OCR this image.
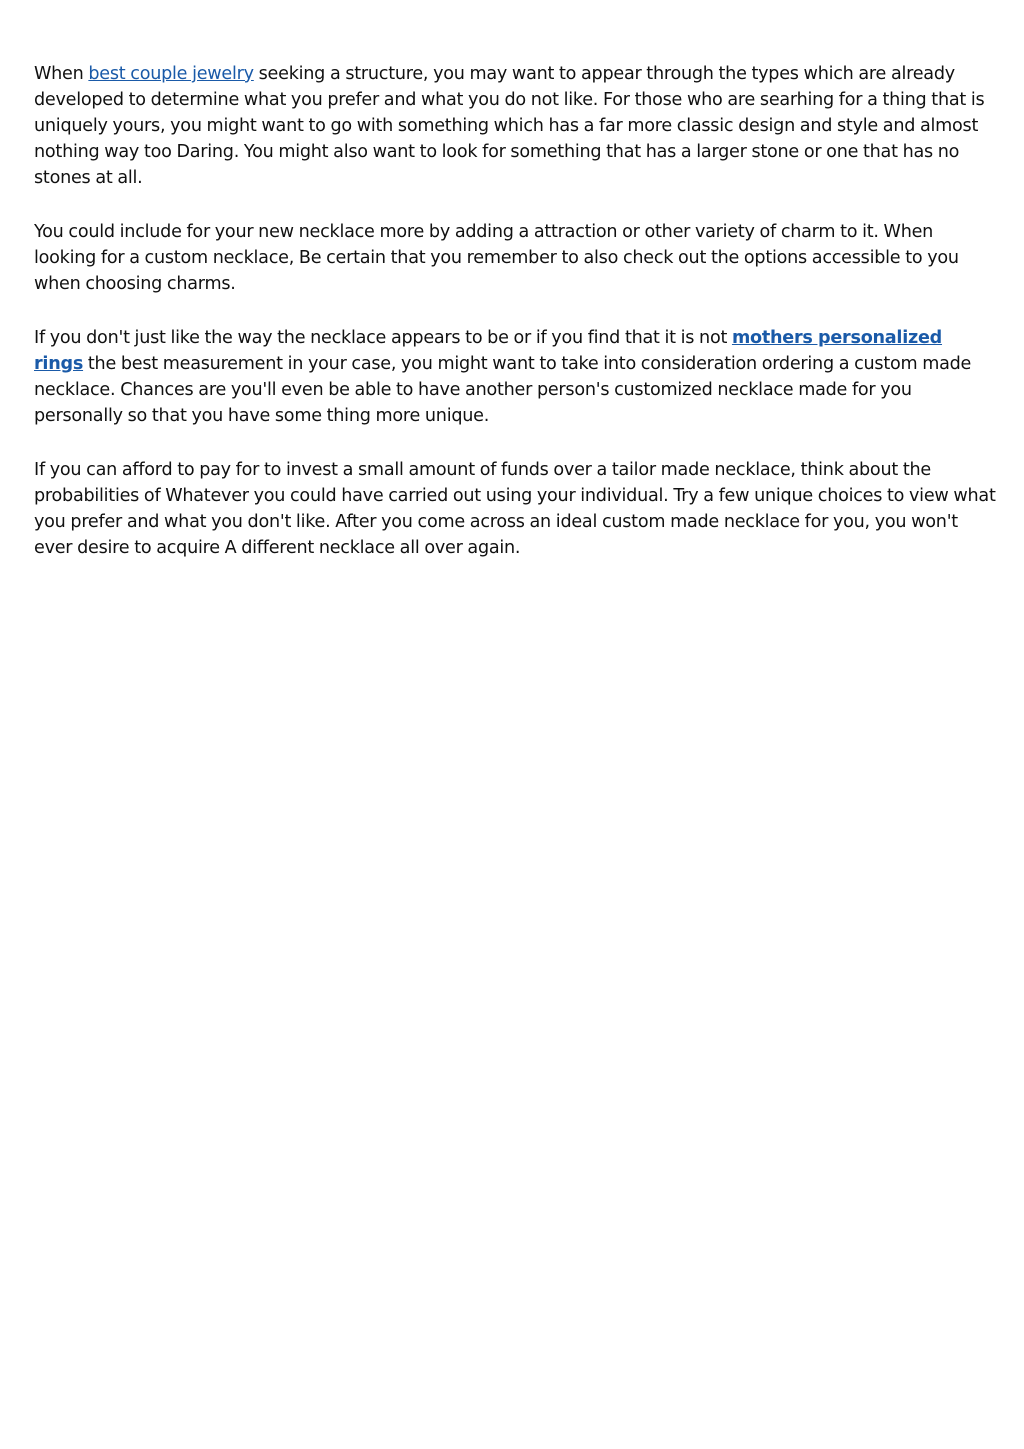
When best couple jewelry seeking a structure, you may want to appear through the types which are already developed to determine what you prefer and what you do not like. For those who are searhing for a thing that is uniquely yours, you might want to go with something which has a far more classic design and style and almost nothing way too Daring. You might also want to look for something that has a larger stone or one that has no stones at all.

You could include for your new necklace more by adding a attraction or other variety of charm to it. When looking for a custom necklace, Be certain that you remember to also check out the options accessible to you when choosing charms.

If you don't just like the way the necklace appears to be or if you find that it is not mothers personalized rings the best measurement in your case, you might want to take into consideration ordering a custom made necklace. Chances are you'll even be able to have another person's customized necklace made for you personally so that you have some thing more unique.

If you can afford to pay for to invest a small amount of funds over a tailor made necklace, think about the probabilities of Whatever you could have carried out using your individual. Try a few unique choices to view what you prefer and what you don't like. After you come across an ideal custom made necklace for you, you won't ever desire to acquire A different necklace all over again.
